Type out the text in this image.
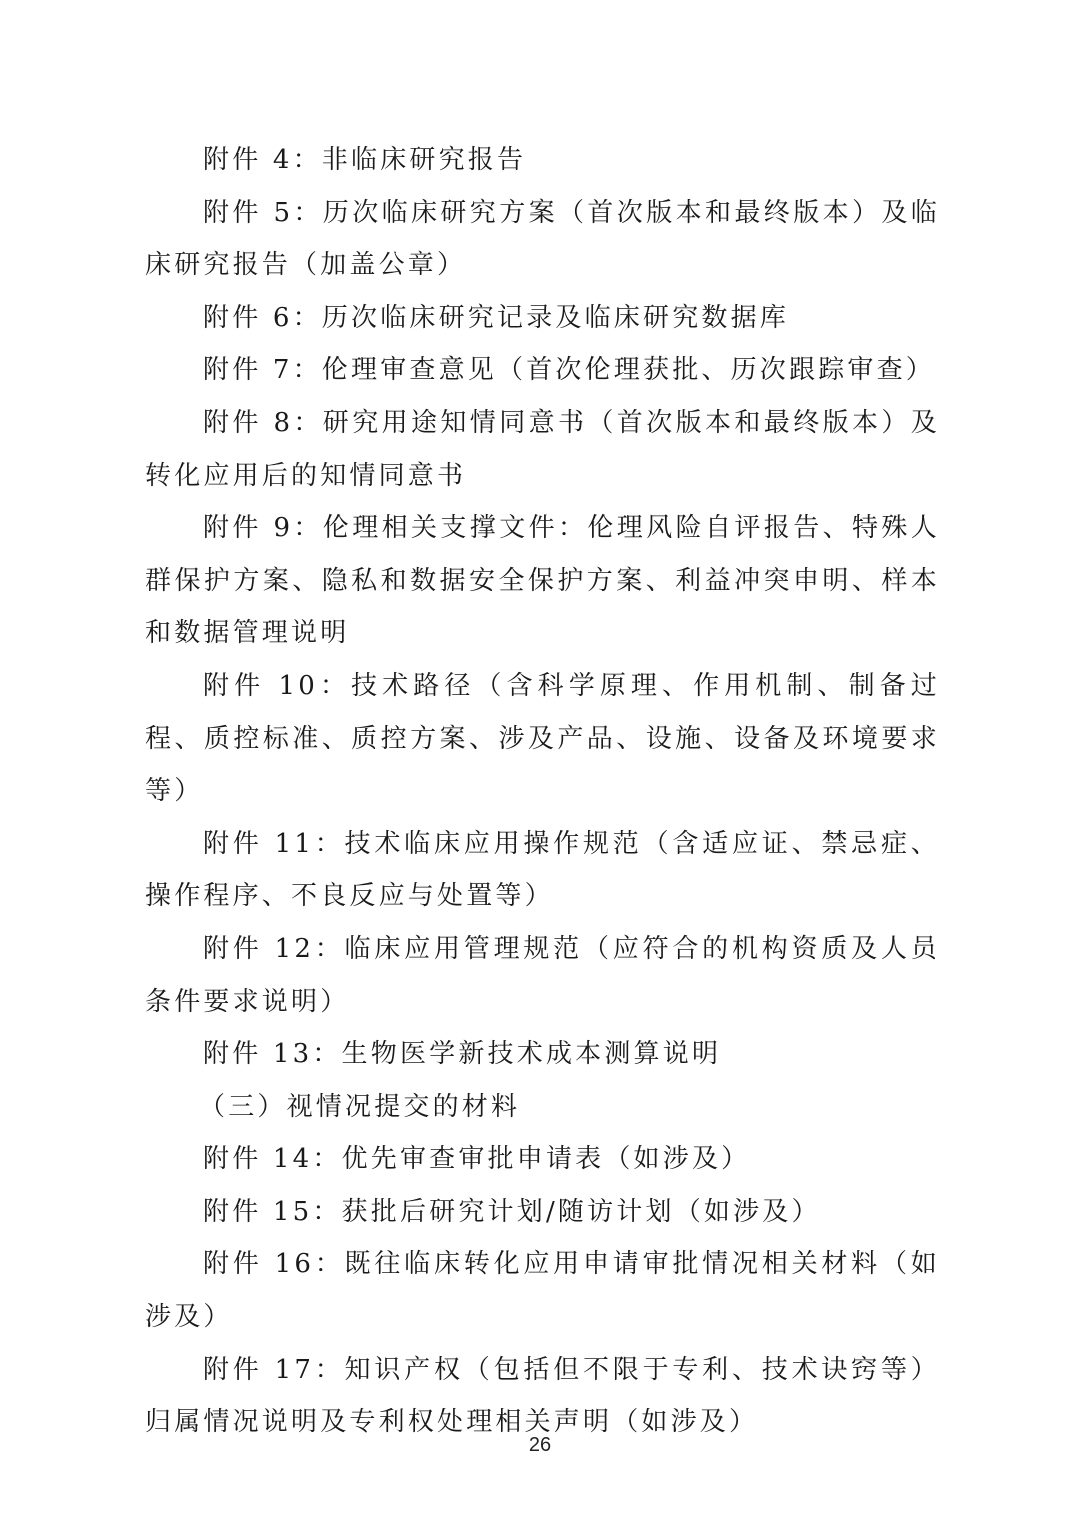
附件 4：非临床研究报告

附件 5：历次临床研究方案（首次版本和最终版本）及临床研究报告（加盖公章）

附件 6：历次临床研究记录及临床研究数据库

附件 7：伦理审查意见（首次伦理获批、历次跟踪审查）

附件 8：研究用途知情同意书（首次版本和最终版本）及转化应用后的知情同意书

附件 9：伦理相关支撑文件：伦理风险自评报告、特殊人群保护方案、隐私和数据安全保护方案、利益冲突申明、样本和数据管理说明

附件 10：技术路径（含科学原理、作用机制、制备过程、质控标准、质控方案、涉及产品、设施、设备及环境要求等）

附件 11：技术临床应用操作规范（含适应证、禁忌症、操作程序、不良反应与处置等）

附件 12：临床应用管理规范（应符合的机构资质及人员条件要求说明）

附件 13：生物医学新技术成本测算说明

（三）视情况提交的材料

附件 14：优先审查审批申请表（如涉及）

附件 15：获批后研究计划/随访计划（如涉及）

附件 16：既往临床转化应用申请审批情况相关材料（如涉及）

附件 17：知识产权（包括但不限于专利、技术诀窍等）归属情况说明及专利权处理相关声明（如涉及）

26
